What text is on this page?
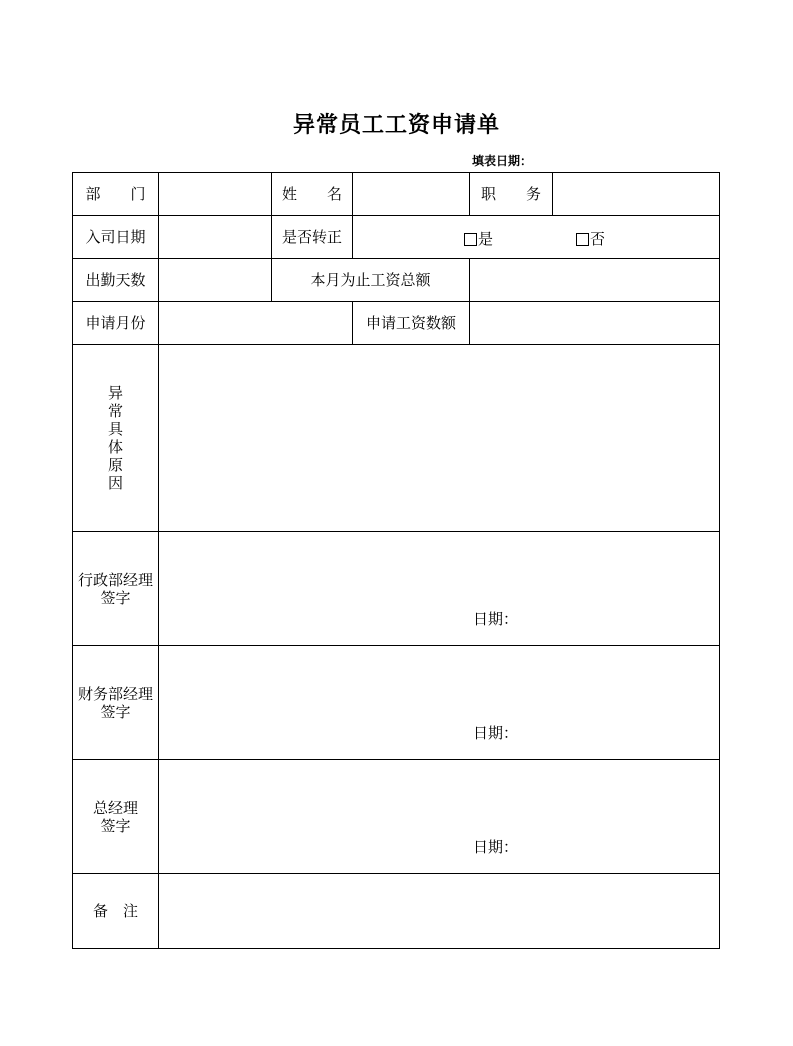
异常员工工资申请单
填表日期：
部　　门	姓　　名	职　　务
入司日期	是否转正	是	否
出勤天数	本月为止工资总额
申请月份	申请工资数额
异
常
具
体
原
因
行政部经理
签字
日期：
财务部经理
签字
日期：
总经理
签字
日期：
备　注
